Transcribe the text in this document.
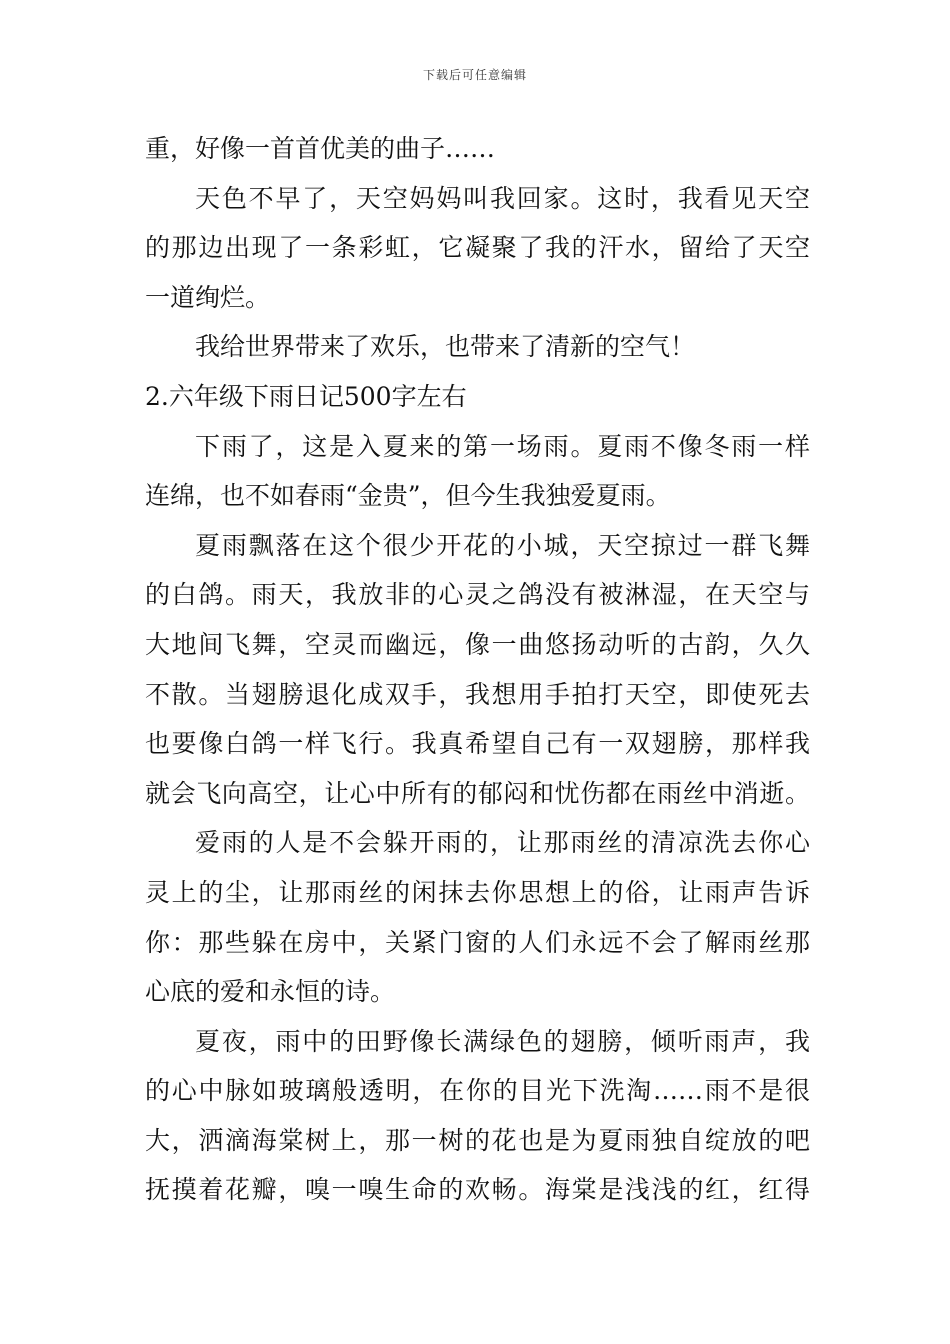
下载后可任意编辑
重，好像一首首优美的曲子……
天色不早了，天空妈妈叫我回家。这时，我看见天空
的那边出现了一条彩虹，它凝聚了我的汗水，留给了天空
一道绚烂。
我给世界带来了欢乐，也带来了清新的空气！
2.六年级下雨日记500字左右
下雨了，这是入夏来的第一场雨。夏雨不像冬雨一样
连绵，也不如春雨“金贵”，但今生我独爱夏雨。
夏雨飘落在这个很少开花的小城，天空掠过一群飞舞
的白鸽。雨天，我放非的心灵之鸽没有被淋湿，在天空与
大地间飞舞，空灵而幽远，像一曲悠扬动听的古韵，久久
不散。当翅膀退化成双手，我想用手拍打天空，即使死去
也要像白鸽一样飞行。我真希望自己有一双翅膀，那样我
就会飞向高空，让心中所有的郁闷和忧伤都在雨丝中消逝。
爱雨的人是不会躲开雨的，让那雨丝的清凉洗去你心
灵上的尘，让那雨丝的闲抹去你思想上的俗，让雨声告诉
你：那些躲在房中，关紧门窗的人们永远不会了解雨丝那
心底的爱和永恒的诗。
夏夜，雨中的田野像长满绿色的翅膀，倾听雨声，我
的心中脉如玻璃般透明，在你的目光下洗淘……雨不是很
大，洒滴海棠树上，那一树的花也是为夏雨独自绽放的吧
抚摸着花瓣，嗅一嗅生命的欢畅。海棠是浅浅的红，红得
